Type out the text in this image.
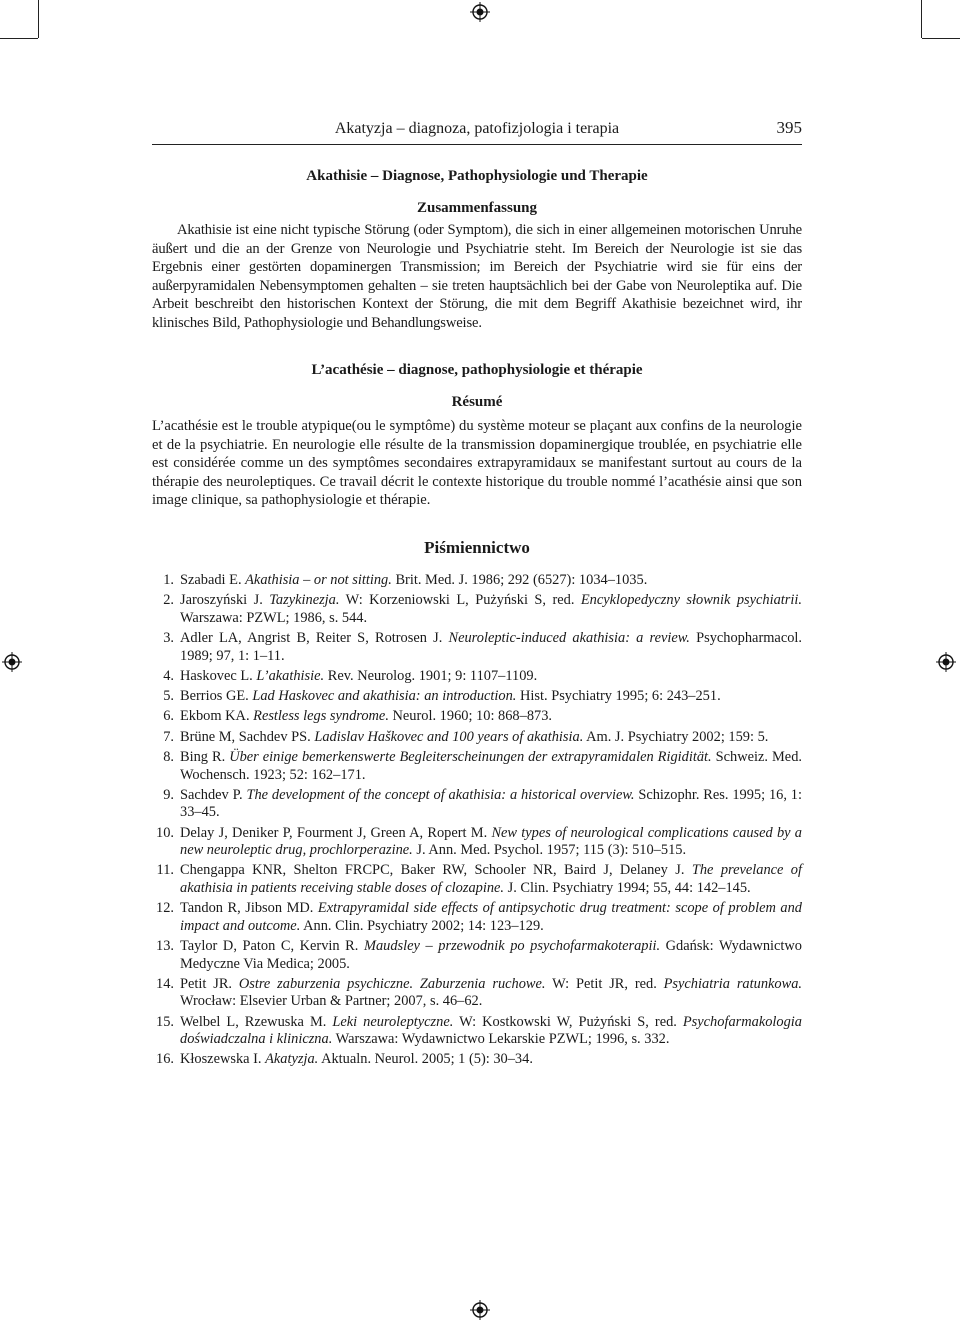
Akatyzja – diagnoza, patofizjologia i terapia	395

Akathisie – Diagnose, Pathophysiologie und Therapie

Zusammenfassung

Akathisie ist eine nicht typische Störung (oder Symptom), die sich in einer allgemeinen motorischen Unruhe äußert und die an der Grenze von Neurologie und Psychiatrie steht. Im Bereich der Neurologie ist sie das Ergebnis einer gestörten dopaminergen Transmission; im Bereich der Psychiatrie wird sie für eins der außerpyramidalen Nebensymptomen gehalten – sie treten hauptsächlich bei der Gabe von Neuroleptika auf. Die Arbeit beschreibt den historischen Kontext der Störung, die mit dem Begriff Akathisie bezeichnet wird, ihr klinisches Bild, Pathophysiologie und Behandlungsweise.

L’acathésie – diagnose, pathophysiologie et thérapie

Résumé

L’acathésie est le trouble atypique(ou le symptôme) du système moteur se plaçant aux confins de la neurologie et de la psychiatrie. En neurologie elle résulte de la transmission dopaminergique troublée, en psychiatrie elle est considérée comme un des symptômes secondaires extrapyramidaux se manifestant surtout au cours de la thérapie des neuroleptiques. Ce travail décrit le contexte historique du trouble nommé l’acathésie ainsi que son image clinique, sa pathophysiologie et thérapie.

Piśmiennictwo

1 . Szabadi E. Akathisia – or not sitting. Brit. Med. J. 1986; 292 (6527): 1034–1035.
2 . Jaroszyński J. Tazykinezja. W: Korzeniowski L, Pużyński S, red. Encyklopedyczny słownik psychiatrii. Warszawa: PZWL; 1986, s. 544.
3 . Adler LA, Angrist B, Reiter S, Rotrosen J. Neuroleptic-induced akathisia: a review. Psychopharmacol. 1989; 97, 1: 1–11.
4 . Haskovec L. L’akathisie. Rev. Neurolog. 1901; 9: 1107–1109.
5 . Berrios GE. Lad Haskovec and akathisia: an introduction. Hist. Psychiatry 1995; 6: 243–251.
6 . Ekbom KA. Restless legs syndrome. Neurol. 1960; 10: 868–873.
7 . Brüne M, Sachdev PS. Ladislav Haškovec and 100 years of akathisia. Am. J. Psychiatry 2002; 159: 5.
8 . Bing R. Über einige bemerkenswerte Begleiterscheinungen der extrapyramidalen Rigidität. Schweiz. Med. Wochensch. 1923; 52: 162–171.
9 . Sachdev P. The development of the concept of akathisia: a historical overview. Schizophr. Res. 1995; 16, 1: 33–45.
10 . Delay J, Deniker P, Fourment J, Green A, Ropert M. New types of neurological complications caused by a new neuroleptic drug, prochlorperazine. J. Ann. Med. Psychol. 1957; 115 (3): 510–515.
11 . Chengappa KNR, Shelton FRCPC, Baker RW, Schooler NR, Baird J, Delaney J. The prevelance of akathisia in patients receiving stable doses of clozapine. J. Clin. Psychiatry 1994; 55, 44: 142–145.
12 . Tandon R, Jibson MD. Extrapyramidal side effects of antipsychotic drug treatment: scope of problem and impact and outcome. Ann. Clin. Psychiatry 2002; 14: 123–129.
13 . Taylor D, Paton C, Kervin R. Maudsley – przewodnik po psychofarmakoterapii. Gdańsk: Wydawnictwo Medyczne Via Medica; 2005.
14 . Petit JR. Ostre zaburzenia psychiczne. Zaburzenia ruchowe. W: Petit JR, red. Psychiatria ratunkowa. Wrocław: Elsevier Urban & Partner; 2007, s. 46–62.
15 . Welbel L, Rzewuska M. Leki neuroleptyczne. W: Kostkowski W, Pużyński S, red. Psychofarmakologia doświadczalna i kliniczna. Warszawa: Wydawnictwo Lekarskie PZWL; 1996, s. 332.
16 . Kłoszewska I. Akatyzja. Aktualn. Neurol. 2005; 1 (5): 30–34.
